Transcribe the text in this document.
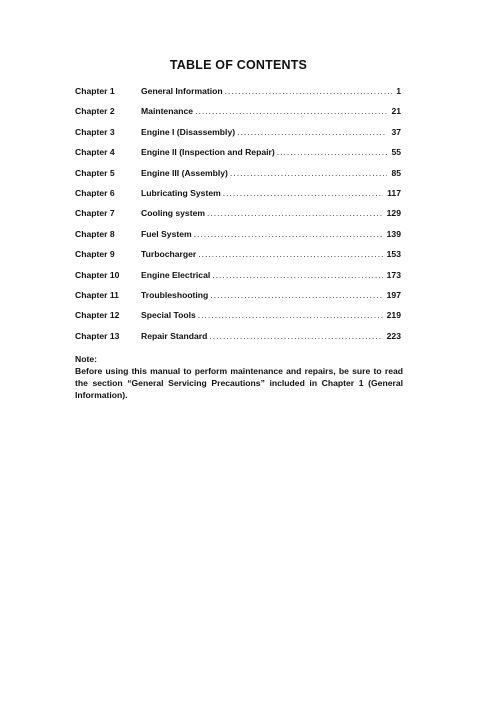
TABLE OF CONTENTS
Chapter 1	General Information .....	1
Chapter 2	Maintenance .....	21
Chapter 3	Engine I (Disassembly) .....	37
Chapter 4	Engine II (Inspection and Repair) .....	55
Chapter 5	Engine III (Assembly) .....	85
Chapter 6	Lubricating System .....	117
Chapter 7	Cooling system .....	129
Chapter 8	Fuel System .....	139
Chapter 9	Turbocharger .....	153
Chapter 10	Engine Electrical .....	173
Chapter 11	Troubleshooting .....	197
Chapter 12	Special Tools .....	219
Chapter 13	Repair Standard .....	223
Note:
Before using this manual to perform maintenance and repairs, be sure to read the section “General Servicing Precautions” included in Chapter 1 (General Information).
